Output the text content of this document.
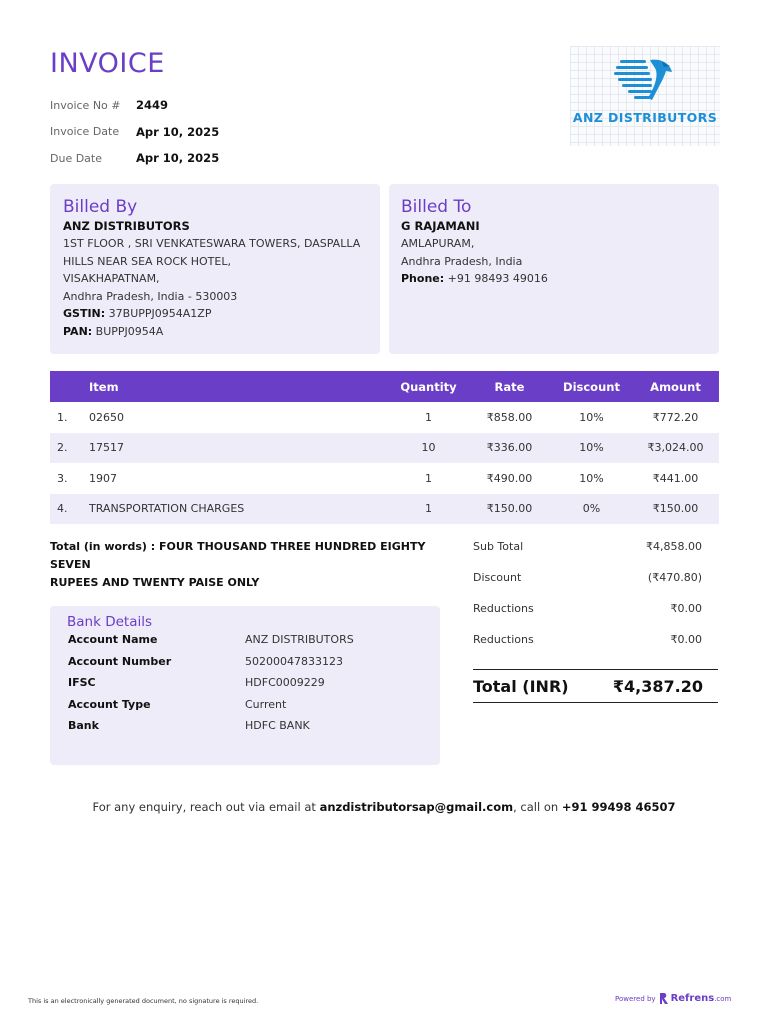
INVOICE
Invoice No #	2449
Invoice Date	Apr 10, 2025
Due Date	Apr 10, 2025
ANZ DISTRIBUTORS
Billed By
ANZ DISTRIBUTORS
1ST FLOOR , SRI VENKATESWARA TOWERS, DASPALLA
HILLS NEAR SEA ROCK HOTEL,
VISAKHAPATNAM,
Andhra Pradesh, India - 530003
GSTIN: 37BUPPJ0954A1ZP
PAN: BUPPJ0954A
Billed To
G RAJAMANI
AMLAPURAM,
Andhra Pradesh, India
Phone: +91 98493 49016
	Item	Quantity	Rate	Discount	Amount
1.	02650	1	₹858.00	10%	₹772.20
2.	17517	10	₹336.00	10%	₹3,024.00
3.	1907	1	₹490.00	10%	₹441.00
4.	TRANSPORTATION CHARGES	1	₹150.00	0%	₹150.00
Total (in words) : FOUR THOUSAND THREE HUNDRED EIGHTY SEVEN
RUPEES AND TWENTY PAISE ONLY
Bank Details
Account Name	ANZ DISTRIBUTORS
Account Number	50200047833123
IFSC	HDFC0009229
Account Type	Current
Bank	HDFC BANK
Sub Total	₹4,858.00
Discount	(₹470.80)
Reductions	₹0.00
Reductions	₹0.00
Total (INR)	₹4,387.20
For any enquiry, reach out via email at anzdistributorsap@gmail.com, call on +91 99498 46507
This is an electronically generated document, no signature is required.	Powered by Refrens .com
